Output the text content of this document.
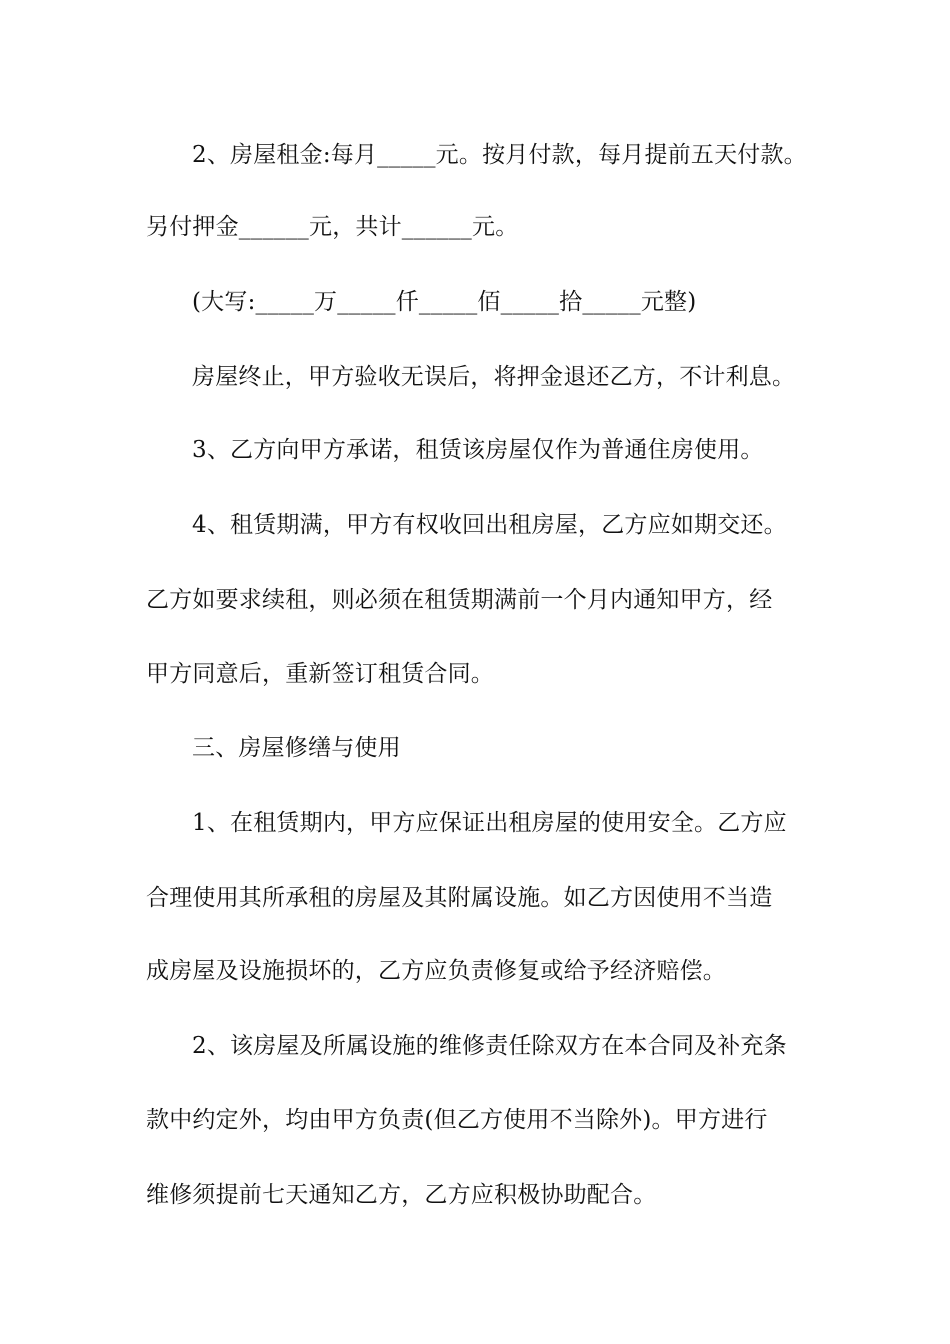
2、房屋租金:每月_____元。按月付款，每月提前五天付款。
另付押金______元，共计______元。
(大写:_____万_____仟_____佰_____拾_____元整)
房屋终止，甲方验收无误后，将押金退还乙方，不计利息。
3、乙方向甲方承诺，租赁该房屋仅作为普通住房使用。
4、租赁期满，甲方有权收回出租房屋，乙方应如期交还。
乙方如要求续租，则必须在租赁期满前一个月内通知甲方，经
甲方同意后，重新签订租赁合同。
三、房屋修缮与使用
1、在租赁期内，甲方应保证出租房屋的使用安全。乙方应
合理使用其所承租的房屋及其附属设施。如乙方因使用不当造
成房屋及设施损坏的，乙方应负责修复或给予经济赔偿。
2、该房屋及所属设施的维修责任除双方在本合同及补充条
款中约定外，均由甲方负责(但乙方使用不当除外)。甲方进行
维修须提前七天通知乙方，乙方应积极协助配合。
